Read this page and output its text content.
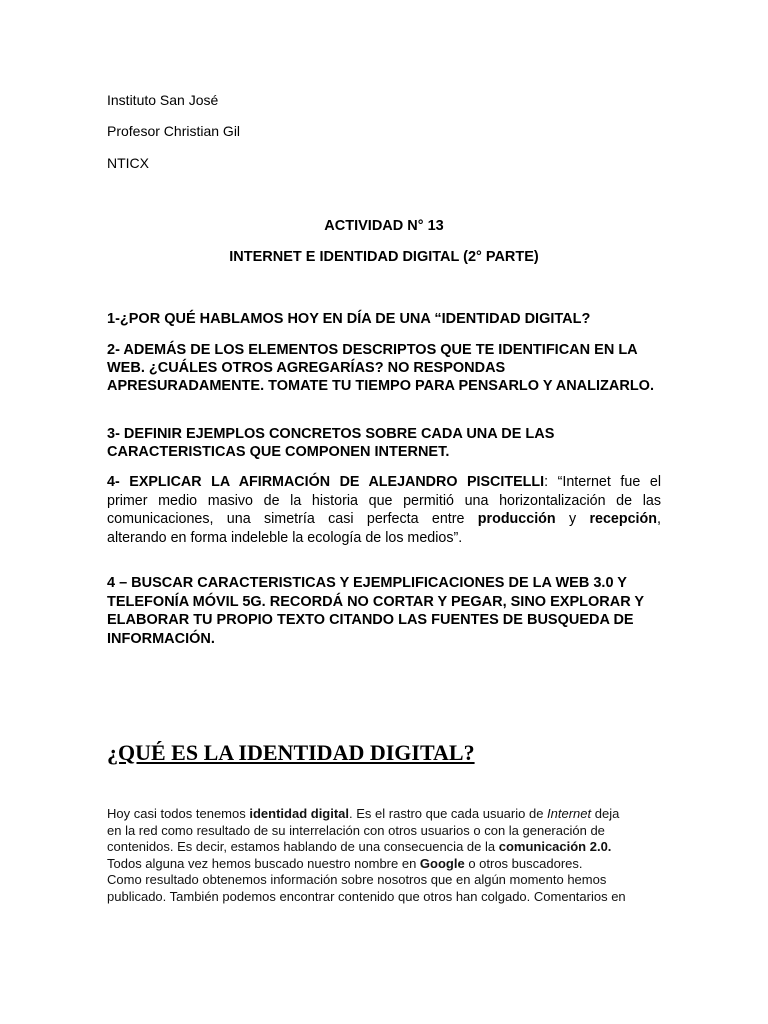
Instituto San José
Profesor Christian Gil
NTICX
ACTIVIDAD N° 13
INTERNET E IDENTIDAD DIGITAL (2° PARTE)
1-¿POR QUÉ HABLAMOS HOY EN DÍA DE UNA “IDENTIDAD DIGITAL?
2- ADEMÁS DE LOS ELEMENTOS DESCRIPTOS QUE TE IDENTIFICAN EN LA WEB. ¿CUÁLES OTROS AGREGARÍAS? NO RESPONDAS APRESURADAMENTE. TOMATE TU TIEMPO PARA PENSARLO Y ANALIZARLO.
3- DEFINIR EJEMPLOS CONCRETOS SOBRE CADA UNA DE LAS CARACTERISTICAS QUE COMPONEN INTERNET.
4- EXPLICAR LA AFIRMACIÓN DE ALEJANDRO PISCITELLI: “Internet fue el
primer medio masivo de la historia que permitió una horizontalización de las
comunicaciones, una simetría casi perfecta entre producción y recepción,
alterando en forma indeleble la ecología de los medios”.
4 – BUSCAR CARACTERISTICAS Y EJEMPLIFICACIONES DE LA WEB 3.0 Y TELEFONÍA MÓVIL 5G. RECORDÁ NO CORTAR Y PEGAR, SINO EXPLORAR Y ELABORAR TU PROPIO TEXTO CITANDO LAS FUENTES DE BUSQUEDA DE INFORMACIÓN.
¿QUÉ ES LA IDENTIDAD DIGITAL?
Hoy casi todos tenemos identidad digital. Es el rastro que cada usuario de Internet deja
en la red como resultado de su interrelación con otros usuarios o con la generación de
contenidos. Es decir, estamos hablando de una consecuencia de la comunicación 2.0.
Todos alguna vez hemos buscado nuestro nombre en Google o otros buscadores.
Como resultado obtenemos información sobre nosotros que en algún momento hemos
publicado. También podemos encontrar contenido que otros han colgado. Comentarios en
